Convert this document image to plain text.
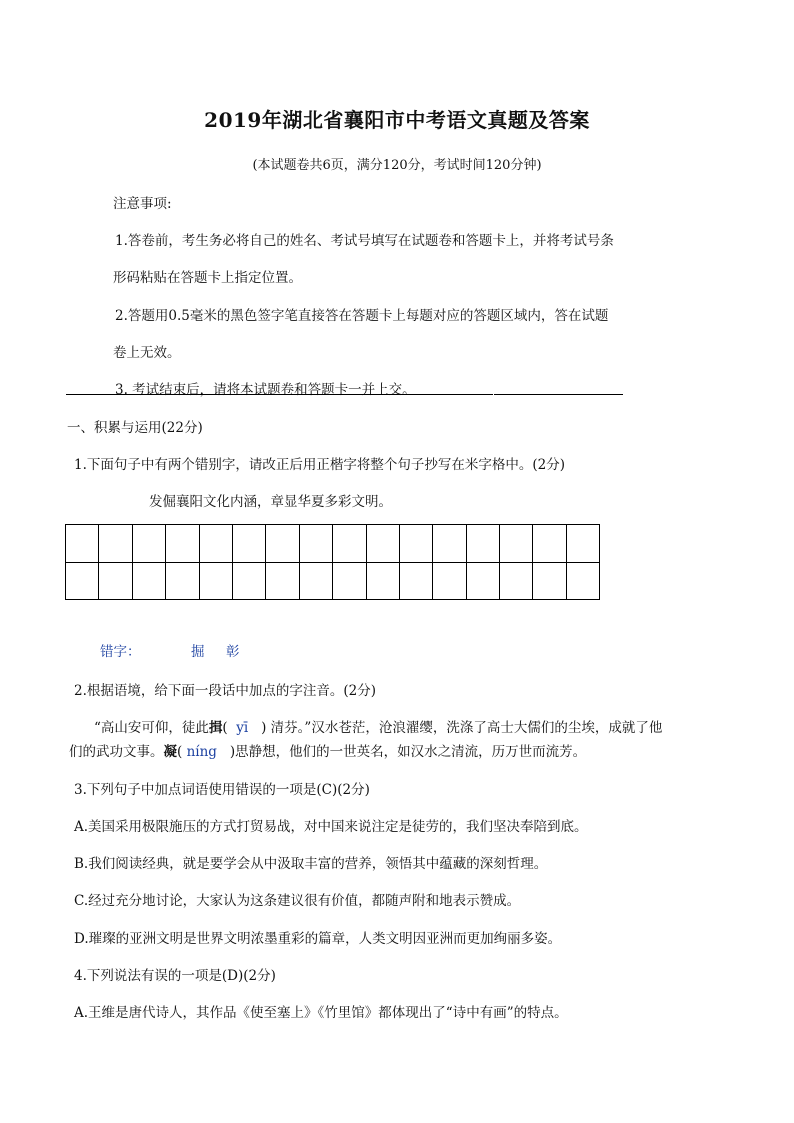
2019年湖北省襄阳市中考语文真题及答案
(本试题卷共6页，满分120分，考试时间120分钟)
注意事项:
1.答卷前，考生务必将自己的姓名、考试号填写在试题卷和答题卡上，并将考试号条
形码粘贴在答题卡上指定位置。
2.答题用0.5毫米的黑色签字笔直接答在答题卡上每题对应的答题区域内，答在试题
卷上无效。
3. 考试结束后，请将本试题卷和答题卡一并上交。
一、积累与运用(22分)
1.下面句子中有两个错别字，请改正后用正楷字将整个句子抄写在米字格中。(2分)
发倔襄阳文化内涵，章显华夏多彩文明。

错字：	掘 彰
2.根据语境，给下面一段话中加点的字注音。(2分)
“高山安可仰，徒此揖( yī ) 清芬。”汉水苍茫，沧浪濯缨，洗涤了高士大儒们的尘埃，成就了他
们的武功文事。凝( níng )思静想，他们的一世英名，如汉水之清流，历万世而流芳。
3.下列句子中加点词语使用错误的一项是(C)(2分)
A.美国采用极限施压的方式打贸易战，对中国来说注定是徒劳的，我们坚决奉陪到底。
B.我们阅读经典，就是要学会从中汲取丰富的营养，领悟其中蕴藏的深刻哲理。
C.经过充分地讨论，大家认为这条建议很有价值，都随声附和地表示赞成。
D.璀璨的亚洲文明是世界文明浓墨重彩的篇章，人类文明因亚洲而更加绚丽多姿。
4.下列说法有误的一项是(D)(2分)
A.王维是唐代诗人，其作品《使至塞上》《竹里馆》都体现出了“诗中有画”的特点。
